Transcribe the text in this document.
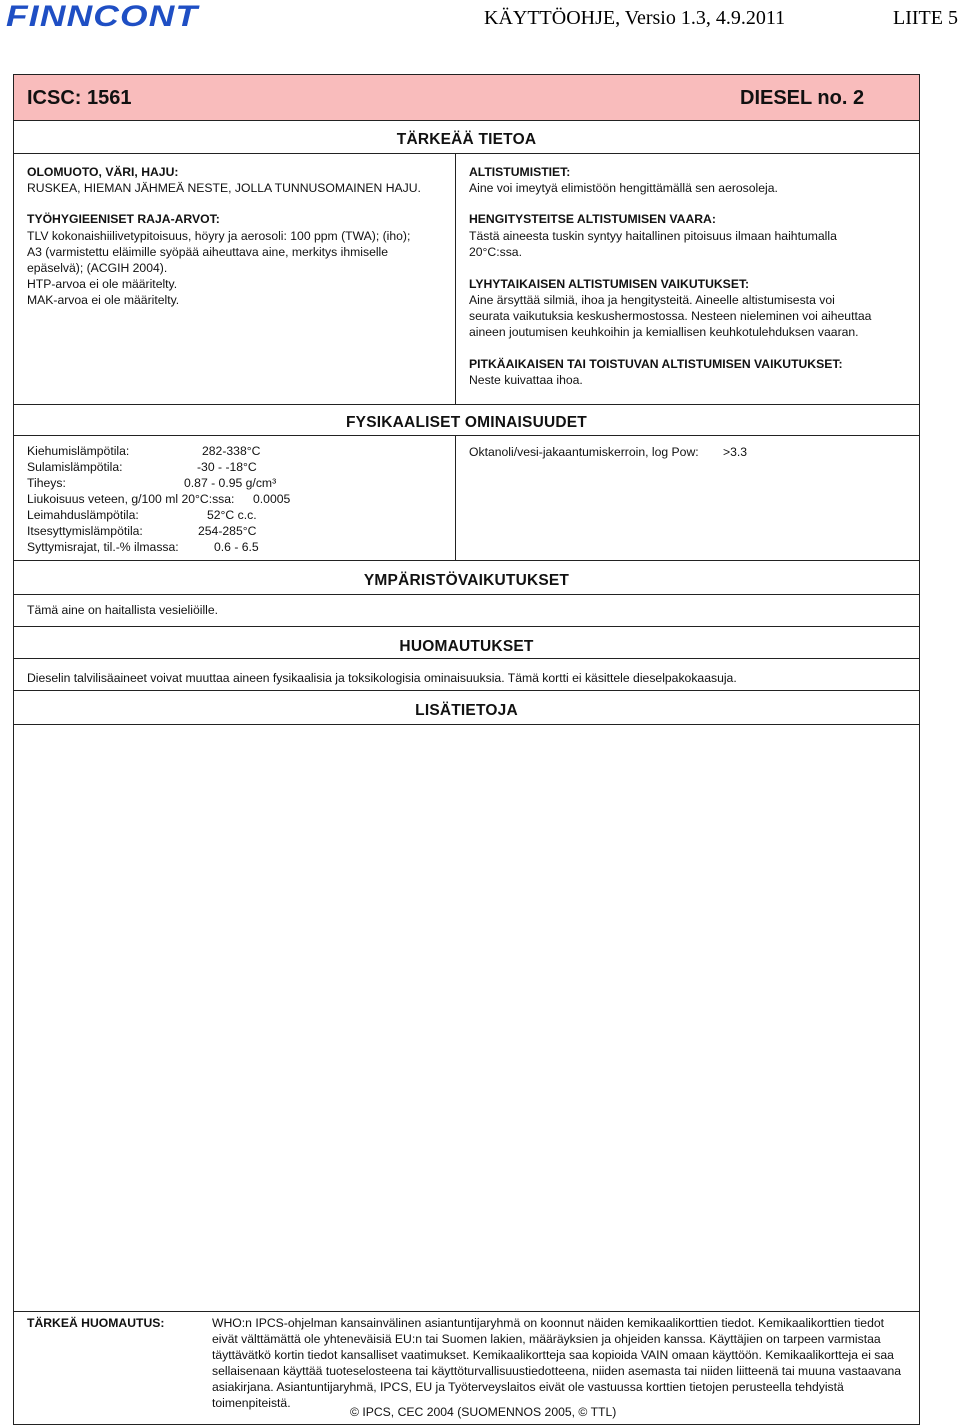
FINNCONT	KÄYTTÖOHJE, Versio 1.3, 4.9.2011	LIITE 5
ICSC: 1561	DIESEL no. 2
TÄRKEÄÄ TIETOA
OLOMUOTO, VÄRI, HAJU:
RUSKEA, HIEMAN JÄHMEÄ NESTE, JOLLA TUNNUSOMAINEN HAJU.
TYÖHYGIEENISET RAJA-ARVOT:
TLV kokonaishiilivetypitoisuus, höyry ja aerosoli: 100 ppm (TWA); (iho);
A3 (varmistettu eläimille syöpää aiheuttava aine, merkitys ihmiselle
epäselvä); (ACGIH 2004).
HTP-arvoa ei ole määritelty.
MAK-arvoa ei ole määritelty.
ALTISTUMISTIET:
Aine voi imeytyä elimistöön hengittämällä sen aerosoleja.
HENGITYSTEITSE ALTISTUMISEN VAARA:
Tästä aineesta tuskin syntyy haitallinen pitoisuus ilmaan haihtumalla
20°C:ssa.
LYHYTAIKAISEN ALTISTUMISEN VAIKUTUKSET:
Aine ärsyttää silmiä, ihoa ja hengitysteitä. Aineelle altistumisesta voi
seurata vaikutuksia keskushermostossa. Nesteen nieleminen voi aiheuttaa
aineen joutumisen keuhkoihin ja kemiallisen keuhkotulehduksen vaaran.
PITKÄAIKAISEN TAI TOISTUVAN ALTISTUMISEN VAIKUTUKSET:
Neste kuivattaa ihoa.
FYSIKAALISET OMINAISUUDET
Kiehumislämpötila:	282-338°C
Sulamislämpötila:	-30 - -18°C
Tiheys:	0.87 - 0.95 g/cm³
Liukoisuus veteen, g/100 ml 20°C:ssa: 0.0005
Leimahduslämpötila:	52°C c.c.
Itsesyttymislämpötila:	254-285°C
Syttymisrajat, til.-% ilmassa:	0.6 - 6.5
Oktanoli/vesi-jakaantumiskerroin, log Pow: >3.3
YMPÄRISTÖVAIKUTUKSET
Tämä aine on haitallista vesieliöille.
HUOMAUTUKSET
Dieselin talvilisäaineet voivat muuttaa aineen fysikaalisia ja toksikologisia ominaisuuksia. Tämä kortti ei käsittele dieselpakokaasuja.
LISÄTIETOJA
TÄRKEÄ HUOMAUTUS:	WHO:n IPCS-ohjelman kansainvälinen asiantuntijaryhmä on koonnut näiden kemikaalikorttien tiedot. Kemikaalikorttien tiedot eivät välttämättä ole yhteneväisiä EU:n tai Suomen lakien, määräyksien ja ohjeiden kanssa. Käyttäjien on tarpeen varmistaa täyttävätkö kortin tiedot kansalliset vaatimukset. Kemikaalikortteja saa kopioida VAIN omaan käyttöön. Kemikaalikortteja ei saa sellaisenaan käyttää tuoteselosteena tai käyttöturvallisuustiedotteena, niiden asemasta tai niiden liitteenä tai muuna vastaavana asiakirjana. Asiantuntijaryhmä, IPCS, EU ja Työterveyslaitos eivät ole vastuussa korttien tietojen perusteella tehdyistä toimenpiteistä.
© IPCS, CEC 2004 (SUOMENNOS 2005, © TTL)
